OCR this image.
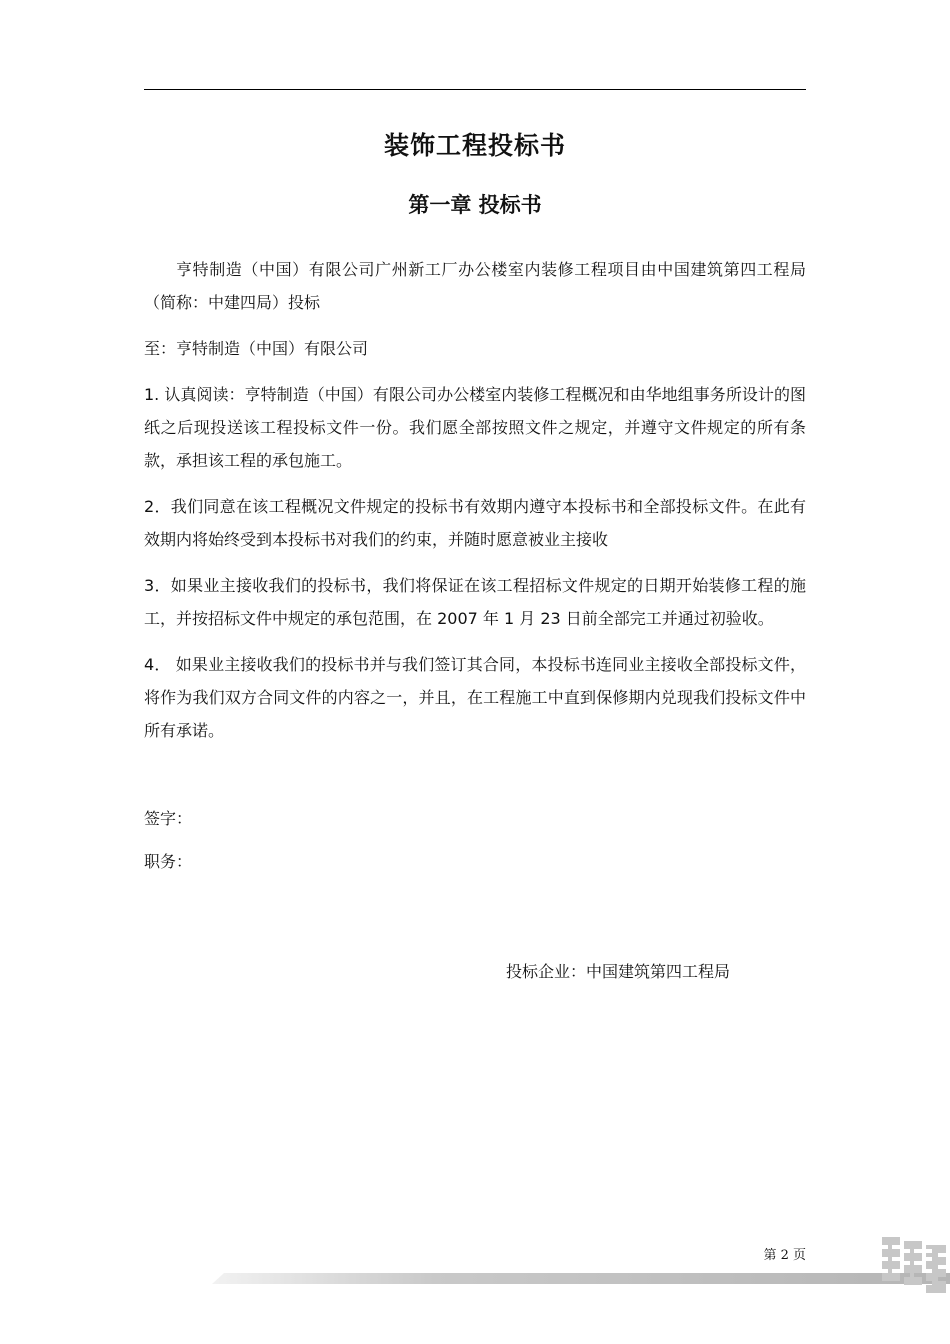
装饰工程投标书
第一章 投标书

亨特制造（中国）有限公司广州新工厂办公楼室内装修工程项目由中国建筑第四工程局（简称：中建四局）投标

至：亨特制造（中国）有限公司

1. 认真阅读：亨特制造（中国）有限公司办公楼室内装修工程概况和由华地组事务所设计的图纸之后现投送该工程投标文件一份。我们愿全部按照文件之规定，并遵守文件规定的所有条款，承担该工程的承包施工。

2．我们同意在该工程概况文件规定的投标书有效期内遵守本投标书和全部投标文件。在此有效期内将始终受到本投标书对我们的约束，并随时愿意被业主接收

3．如果业主接收我们的投标书，我们将保证在该工程招标文件规定的日期开始装修工程的施工，并按招标文件中规定的承包范围，在 2007 年 1 月 23 日前全部完工并通过初验收。

4． 如果业主接收我们的投标书并与我们签订其合同，本投标书连同业主接收全部投标文件，将作为我们双方合同文件的内容之一，并且，在工程施工中直到保修期内兑现我们投标文件中所有承诺。

签字：

职务：

投标企业：中国建筑第四工程局
第 2 页
